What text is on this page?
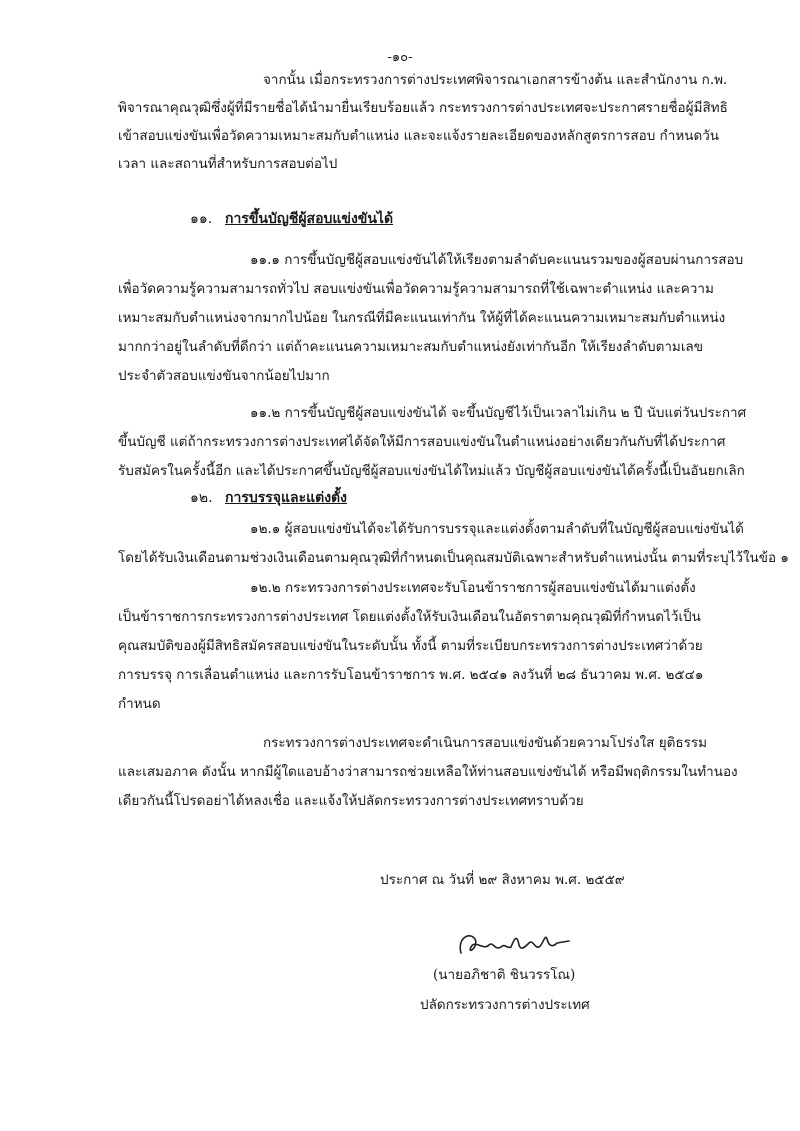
-๑๐-
จากนั้น เมื่อกระทรวงการต่างประเทศพิจารณาเอกสารข้างต้น และสำนักงาน ก.พ.
พิจารณาคุณวุฒิซึ่งผู้ที่มีรายชื่อได้นำมายื่นเรียบร้อยแล้ว กระทรวงการต่างประเทศจะประกาศรายชื่อผู้มีสิทธิ
เข้าสอบแข่งขันเพื่อวัดความเหมาะสมกับตำแหน่ง และจะแจ้งรายละเอียดของหลักสูตรการสอบ กำหนดวัน
เวลา และสถานที่สำหรับการสอบต่อไป
๑๑. การขึ้นบัญชีผู้สอบแข่งขันได้
๑๑.๑ การขึ้นบัญชีผู้สอบแข่งขันได้ให้เรียงตามลำดับคะแนนรวมของผู้สอบผ่านการสอบ
เพื่อวัดความรู้ความสามารถทั่วไป สอบแข่งขันเพื่อวัดความรู้ความสามารถที่ใช้เฉพาะตำแหน่ง และความ
เหมาะสมกับตำแหน่งจากมากไปน้อย ในกรณีที่มีคะแนนเท่ากัน ให้ผู้ที่ได้คะแนนความเหมาะสมกับตำแหน่ง
มากกว่าอยู่ในลำดับที่ดีกว่า แต่ถ้าคะแนนความเหมาะสมกับตำแหน่งยังเท่ากันอีก ให้เรียงลำดับตามเลข
ประจำตัวสอบแข่งขันจากน้อยไปมาก
๑๑.๒ การขึ้นบัญชีผู้สอบแข่งขันได้ จะขึ้นบัญชีไว้เป็นเวลาไม่เกิน ๒ ปี นับแต่วันประกาศ
ขึ้นบัญชี แต่ถ้ากระทรวงการต่างประเทศได้จัดให้มีการสอบแข่งขันในตำแหน่งอย่างเดียวกันกับที่ได้ประกาศ
รับสมัครในครั้งนี้อีก และได้ประกาศขึ้นบัญชีผู้สอบแข่งขันได้ใหม่แล้ว บัญชีผู้สอบแข่งขันได้ครั้งนี้เป็นอันยกเลิก
๑๒. การบรรจุและแต่งตั้ง
๑๒.๑ ผู้สอบแข่งขันได้จะได้รับการบรรจุและแต่งตั้งตามลำดับที่ในบัญชีผู้สอบแข่งขันได้
โดยได้รับเงินเดือนตามช่วงเงินเดือนตามคุณวุฒิที่กำหนดเป็นคุณสมบัติเฉพาะสำหรับตำแหน่งนั้น ตามที่ระบุไว้ในข้อ ๑
๑๒.๒ กระทรวงการต่างประเทศจะรับโอนข้าราชการผู้สอบแข่งขันได้มาแต่งตั้ง
เป็นข้าราชการกระทรวงการต่างประเทศ โดยแต่งตั้งให้รับเงินเดือนในอัตราตามคุณวุฒิที่กำหนดไว้เป็น
คุณสมบัติของผู้มีสิทธิสมัครสอบแข่งขันในระดับนั้น ทั้งนี้ ตามที่ระเบียบกระทรวงการต่างประเทศว่าด้วย
การบรรจุ การเลื่อนตำแหน่ง และการรับโอนข้าราชการ พ.ศ. ๒๕๔๑ ลงวันที่ ๒๘ ธันวาคม พ.ศ. ๒๕๔๑
กำหนด
กระทรวงการต่างประเทศจะดำเนินการสอบแข่งขันด้วยความโปร่งใส ยุติธรรม
และเสมอภาค ดังนั้น หากมีผู้ใดแอบอ้างว่าสามารถช่วยเหลือให้ท่านสอบแข่งขันได้ หรือมีพฤติกรรมในทำนอง
เดียวกันนี้โปรดอย่าได้หลงเชื่อ และแจ้งให้ปลัดกระทรวงการต่างประเทศทราบด้วย
ประกาศ ณ วันที่ ๒๙ สิงหาคม พ.ศ. ๒๕๕๙
(นายอภิชาติ ชินวรรโณ)
ปลัดกระทรวงการต่างประเทศ
